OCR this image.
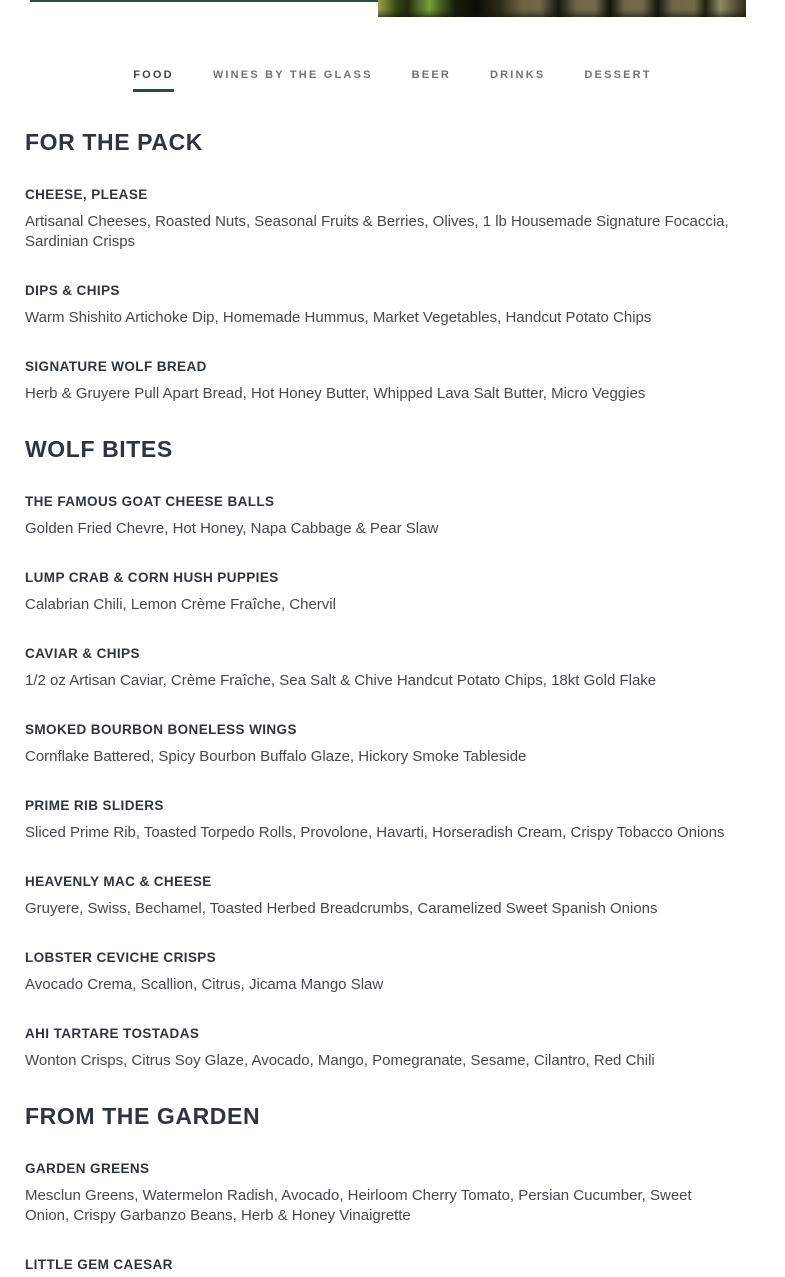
FOOD	WINES BY THE GLASS	BEER	DRINKS	DESSERT
FOR THE PACK
CHEESE, PLEASE

Artisanal Cheeses, Roasted Nuts, Seasonal Fruits & Berries, Olives, 1 lb Housemade Signature Focaccia, Sardinian Crisps

DIPS & CHIPS

Warm Shishito Artichoke Dip, Homemade Hummus, Market Vegetables, Handcut Potato Chips

SIGNATURE WOLF BREAD

Herb & Gruyere Pull Apart Bread, Hot Honey Butter, Whipped Lava Salt Butter, Micro Veggies

WOLF BITES
THE FAMOUS GOAT CHEESE BALLS

Golden Fried Chevre, Hot Honey, Napa Cabbage & Pear Slaw

LUMP CRAB & CORN HUSH PUPPIES

Calabrian Chili, Lemon Crème Fraîche, Chervil

CAVIAR & CHIPS

1/2 oz Artisan Caviar, Crème Fraîche, Sea Salt & Chive Handcut Potato Chips, 18kt Gold Flake

SMOKED BOURBON BONELESS WINGS

Cornflake Battered, Spicy Bourbon Buffalo Glaze, Hickory Smoke Tableside

PRIME RIB SLIDERS

Sliced Prime Rib, Toasted Torpedo Rolls, Provolone, Havarti, Horseradish Cream, Crispy Tobacco Onions

HEAVENLY MAC & CHEESE

Gruyere, Swiss, Bechamel, Toasted Herbed Breadcrumbs, Caramelized Sweet Spanish Onions

LOBSTER CEVICHE CRISPS

Avocado Crema, Scallion, Citrus, Jicama Mango Slaw

AHI TARTARE TOSTADAS

Wonton Crisps, Citrus Soy Glaze, Avocado, Mango, Pomegranate, Sesame, Cilantro, Red Chili

FROM THE GARDEN
GARDEN GREENS

Mesclun Greens, Watermelon Radish, Avocado, Heirloom Cherry Tomato, Persian Cucumber, Sweet Onion, Crispy Garbanzo Beans, Herb & Honey Vinaigrette

LITTLE GEM CAESAR
